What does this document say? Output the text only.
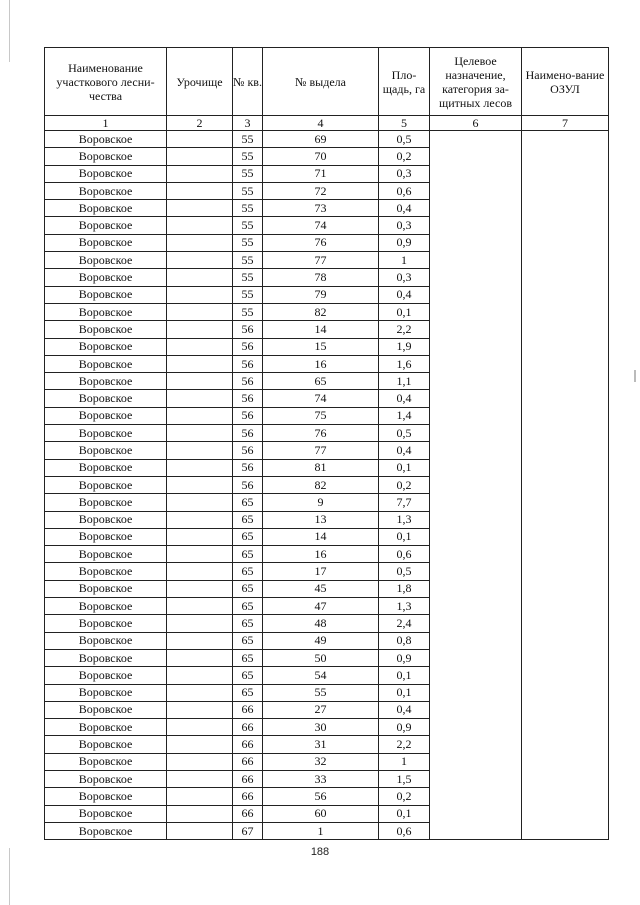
Наименование участкового лесни-чества	Урочище	№ кв.	№ выдела	Пло-щадь, га	Целевое назначение, категория за-щитных лесов	Наимено-вание ОЗУЛ
1	2	3	4	5	6	7
Воровское		55	69	0,5		
Воровское		55	70	0,2		
Воровское		55	71	0,3		
Воровское		55	72	0,6		
Воровское		55	73	0,4		
Воровское		55	74	0,3		
Воровское		55	76	0,9		
Воровское		55	77	1		
Воровское		55	78	0,3		
Воровское		55	79	0,4		
Воровское		55	82	0,1		
Воровское		56	14	2,2		
Воровское		56	15	1,9		
Воровское		56	16	1,6		
Воровское		56	65	1,1		
Воровское		56	74	0,4		
Воровское		56	75	1,4		
Воровское		56	76	0,5		
Воровское		56	77	0,4		
Воровское		56	81	0,1		
Воровское		56	82	0,2		
Воровское		65	9	7,7		
Воровское		65	13	1,3		
Воровское		65	14	0,1		
Воровское		65	16	0,6		
Воровское		65	17	0,5		
Воровское		65	45	1,8		
Воровское		65	47	1,3		
Воровское		65	48	2,4		
Воровское		65	49	0,8		
Воровское		65	50	0,9		
Воровское		65	54	0,1		
Воровское		65	55	0,1		
Воровское		66	27	0,4		
Воровское		66	30	0,9		
Воровское		66	31	2,2		
Воровское		66	32	1		
Воровское		66	33	1,5		
Воровское		66	56	0,2		
Воровское		66	60	0,1		
Воровское		67	1	0,6		
188
